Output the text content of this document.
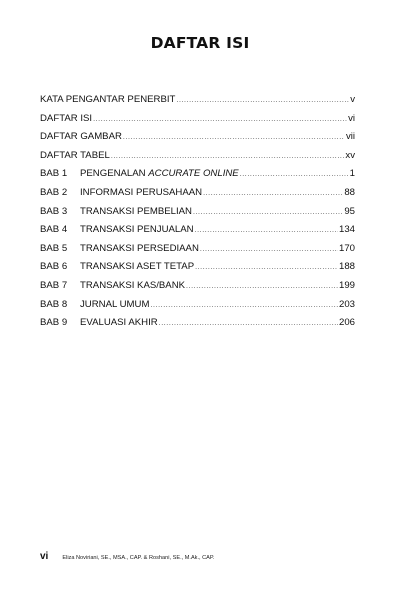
DAFTAR ISI
KATA PENGANTAR PENERBIT .....	v
DAFTAR ISI .....	vi
DAFTAR GAMBAR .....	vii
DAFTAR TABEL .....	xv
BAB 1	PENGENALAN ACCURATE ONLINE .....	1
BAB 2	INFORMASI PERUSAHAAN .....	88
BAB 3	TRANSAKSI PEMBELIAN .....	95
BAB 4	TRANSAKSI PENJUALAN .....	134
BAB 5	TRANSAKSI PERSEDIAAN .....	170
BAB 6	TRANSAKSI ASET TETAP .....	188
BAB 7	TRANSAKSI KAS/BANK .....	199
BAB 8	JURNAL UMUM .....	203
BAB 9	EVALUASI AKHIR .....	206
vi	Eliza Noviriani, SE., MSA., CAP. & Roshani, SE., M.Ak., CAP.
